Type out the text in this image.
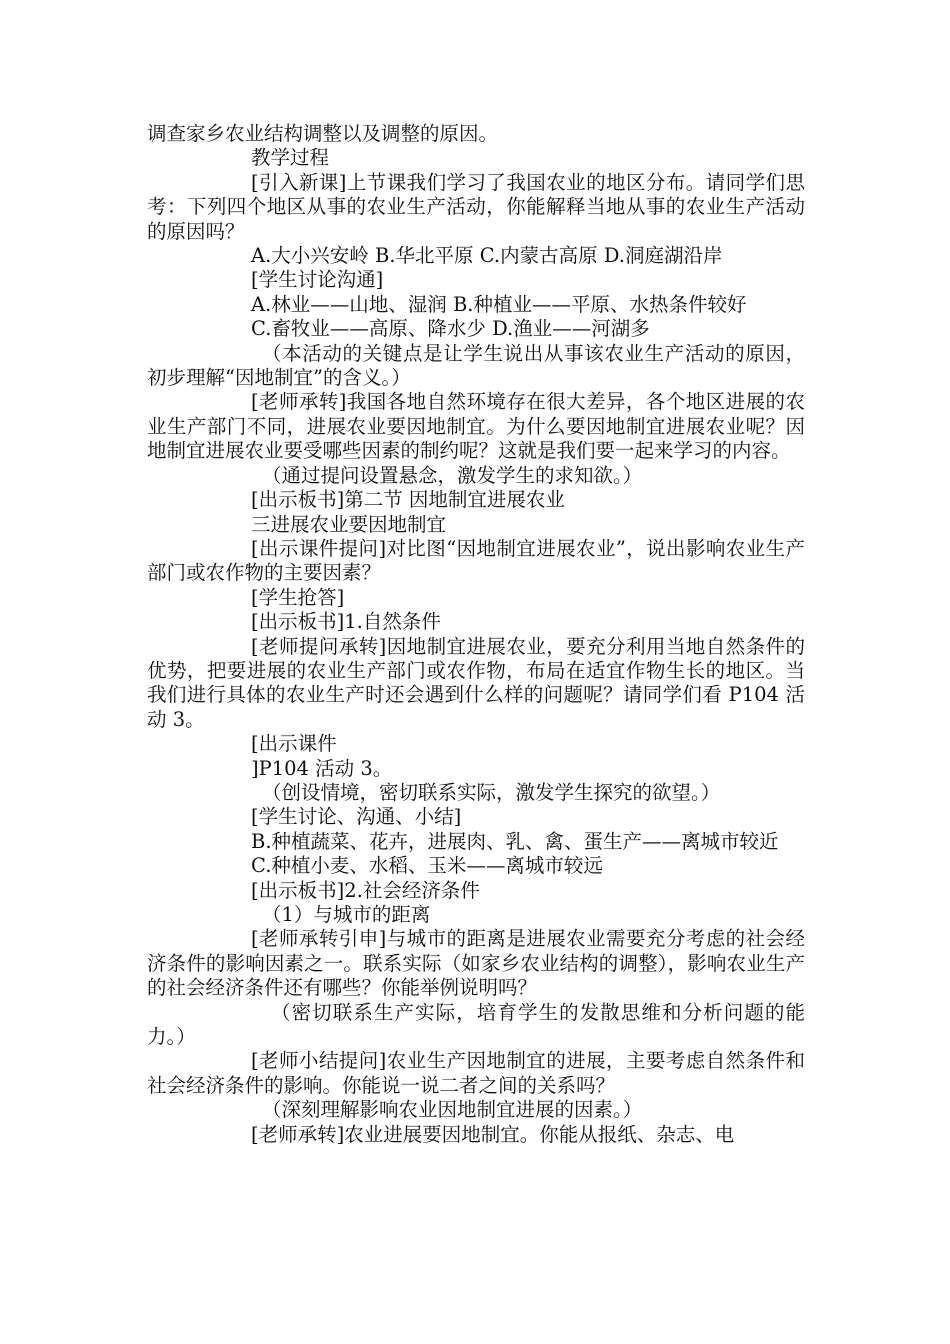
调查家乡农业结构调整以及调整的原因。

教学过程

[引入新课]上节课我们学习了我国农业的地区分布。请同学们思考：下列四个地区从事的农业生产活动，你能解释当地从事的农业生产活动的原因吗？

A.大小兴安岭 B.华北平原 C.内蒙古高原 D.洞庭湖沿岸

[学生讨论沟通]

A.林业——山地、湿润 B.种植业——平原、水热条件较好

C.畜牧业——高原、降水少 D.渔业——河湖多

（本活动的关键点是让学生说出从事该农业生产活动的原因，初步理解“因地制宜”的含义。）

[老师承转]我国各地自然环境存在很大差异，各个地区进展的农业生产部门不同，进展农业要因地制宜。为什么要因地制宜进展农业呢？因地制宜进展农业要受哪些因素的制约呢？这就是我们要一起来学习的内容。

（通过提问设置悬念，激发学生的求知欲。）

[出示板书]第二节 因地制宜进展农业

三进展农业要因地制宜

[出示课件提问]对比图“因地制宜进展农业”，说出影响农业生产部门或农作物的主要因素？

[学生抢答]

[出示板书]1.自然条件

[老师提问承转]因地制宜进展农业，要充分利用当地自然条件的优势，把要进展的农业生产部门或农作物，布局在适宜作物生长的地区。当我们进行具体的农业生产时还会遇到什么样的问题呢？请同学们看 P104 活动 3。

[出示课件

]P104 活动 3。

（创设情境，密切联系实际，激发学生探究的欲望。）

[学生讨论、沟通、小结]

B.种植蔬菜、花卉，进展肉、乳、禽、蛋生产——离城市较近

C.种植小麦、水稻、玉米——离城市较远

[出示板书]2.社会经济条件

（1）与城市的距离

[老师承转引申]与城市的距离是进展农业需要充分考虑的社会经济条件的影响因素之一。联系实际（如家乡农业结构的调整），影响农业生产的社会经济条件还有哪些？你能举例说明吗？

（密切联系生产实际，培育学生的发散思维和分析问题的能力。）

[老师小结提问]农业生产因地制宜的进展，主要考虑自然条件和社会经济条件的影响。你能说一说二者之间的关系吗？

（深刻理解影响农业因地制宜进展的因素。）

[老师承转]农业进展要因地制宜。你能从报纸、杂志、电
